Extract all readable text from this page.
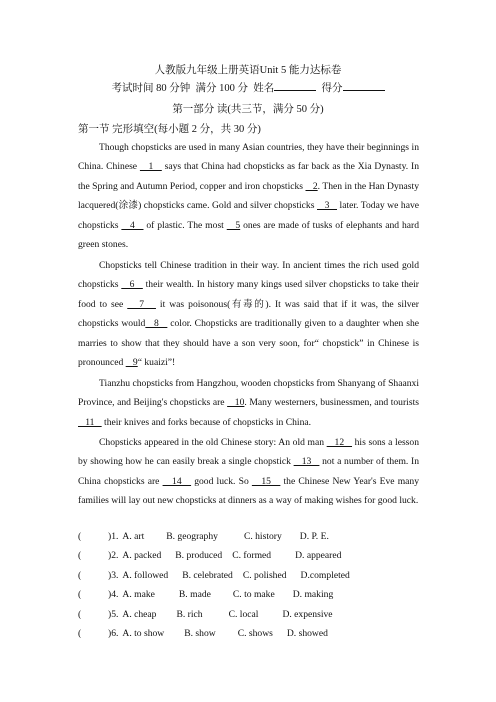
人教版九年级上册英语Unit 5 能力达标卷
考试时间 80 分钟 满分 100 分 姓名	得分
第一部分 读(共三节，满分 50 分)
第一节 完形填空(每小题 2 分，共 30 分)

Though chopsticks are used in many Asian countries, they have their beginnings in China. Chinese    1    says that China had chopsticks as far back as the Xia Dynasty. In the Spring and Autumn Period, copper and iron chopsticks    2. Then in the Han Dynasty lacquered(涂漆) chopsticks came. Gold and silver chopsticks    3    later. Today we have chopsticks    4    of plastic. The most    5 ones are made of tusks of elephants and hard green stones.

Chopsticks tell Chinese tradition in their way. In ancient times the rich used gold chopsticks    6    their wealth. In history many kings used silver chopsticks to take their food to see    7    it was poisonous(有毒的). It was said that if it was, the silver chopsticks would   8    color. Chopsticks are traditionally given to a daughter when she marries to show that they should have a son very soon, for“ chopstick” in Chinese is pronounced    9“ kuaizi”!

Tianzhu chopsticks from Hangzhou, wooden chopsticks from Shanyang of Shaanxi Province, and Beijing's chopsticks are    10. Many westerners, businessmen, and tourists   11    their knives and forks because of chopsticks in China.

Chopsticks appeared in the old Chinese story: An old man    12    his sons a lesson by showing how he can easily break a single chopstick    13    not a number of them. In China chopsticks are    14    good luck. So    15    the Chinese New Year's Eve many families will lay out new chopsticks at dinners as a way of making wishes for good luck.

(	)1. A. art B. geography	C. history D. P. E.
(	)2. A. packed B. produced C. formed	D. appeared
(	)3. A. followed B. celebrated C. polished D.completed
(	)4. A. make	B. made C. to make D. making
(	)5. A. cheap B. rich	C. local	D. expensive
(	)6. A. to show B. show C. shows D. showed
